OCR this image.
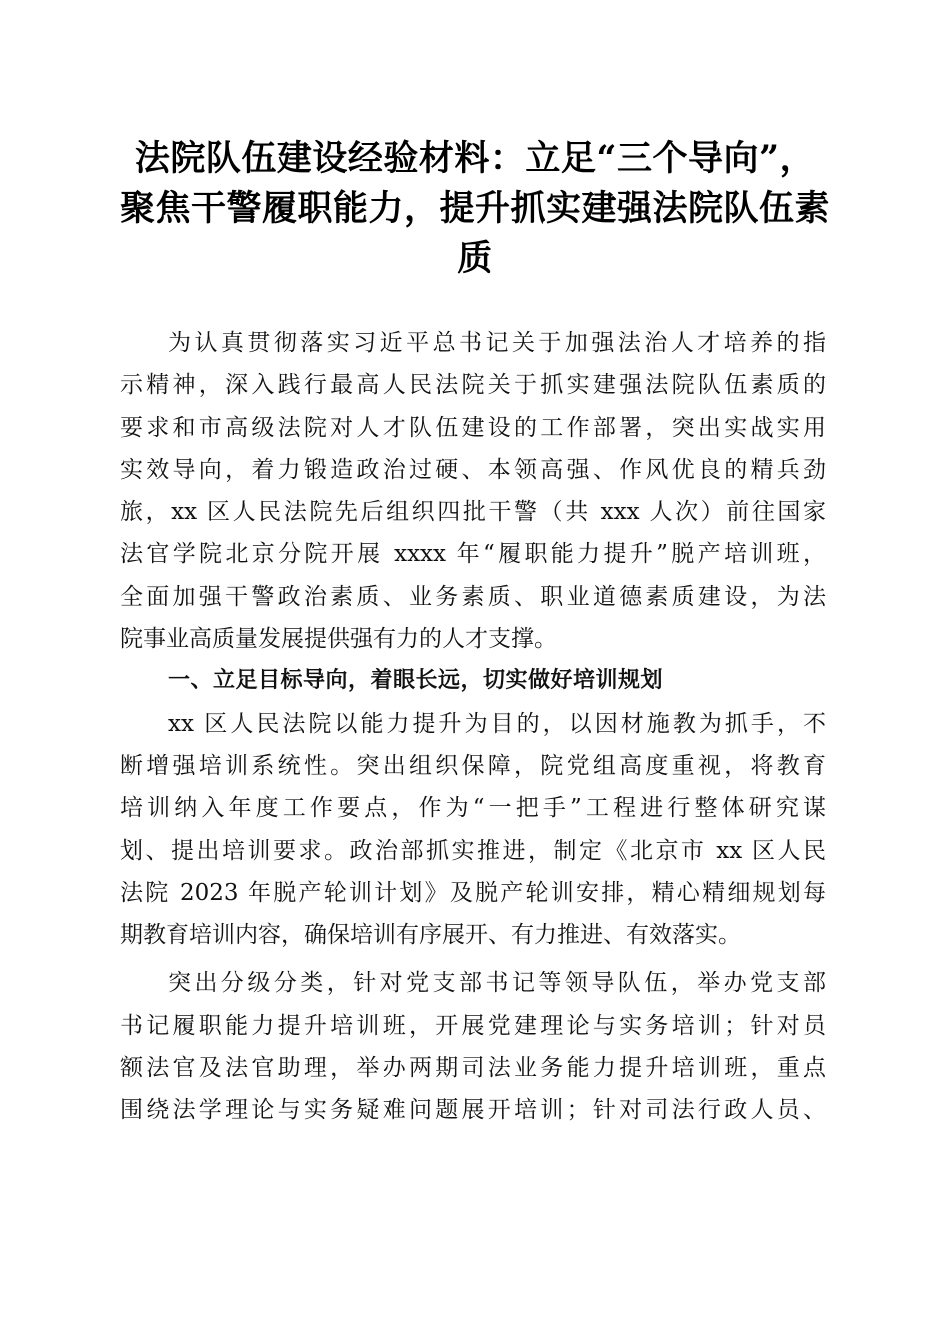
法院队伍建设经验材料：立足“三个导向”，
聚焦干警履职能力，提升抓实建强法院队伍素
质
为认真贯彻落实习近平总书记关于加强法治人才培养的指
示精神，深入践行最高人民法院关于抓实建强法院队伍素质的
要求和市高级法院对人才队伍建设的工作部署，突出实战实用
实效导向，着力锻造政治过硬、本领高强、作风优良的精兵劲
旅，xx 区人民法院先后组织四批干警（共 xxx 人次）前往国家
法官学院北京分院开展 xxxx 年“履职能力提升”脱产培训班，
全面加强干警政治素质、业务素质、职业道德素质建设，为法
院事业高质量发展提供强有力的人才支撑。
一、立足目标导向，着眼长远，切实做好培训规划
xx 区人民法院以能力提升为目的，以因材施教为抓手，不
断增强培训系统性。突出组织保障，院党组高度重视，将教育
培训纳入年度工作要点，作为“一把手”工程进行整体研究谋
划、提出培训要求。政治部抓实推进，制定《北京市 xx 区人民
法院 2023 年脱产轮训计划》及脱产轮训安排，精心精细规划每
期教育培训内容，确保培训有序展开、有力推进、有效落实。
突出分级分类，针对党支部书记等领导队伍，举办党支部
书记履职能力提升培训班，开展党建理论与实务培训；针对员
额法官及法官助理，举办两期司法业务能力提升培训班，重点
围绕法学理论与实务疑难问题展开培训；针对司法行政人员、
